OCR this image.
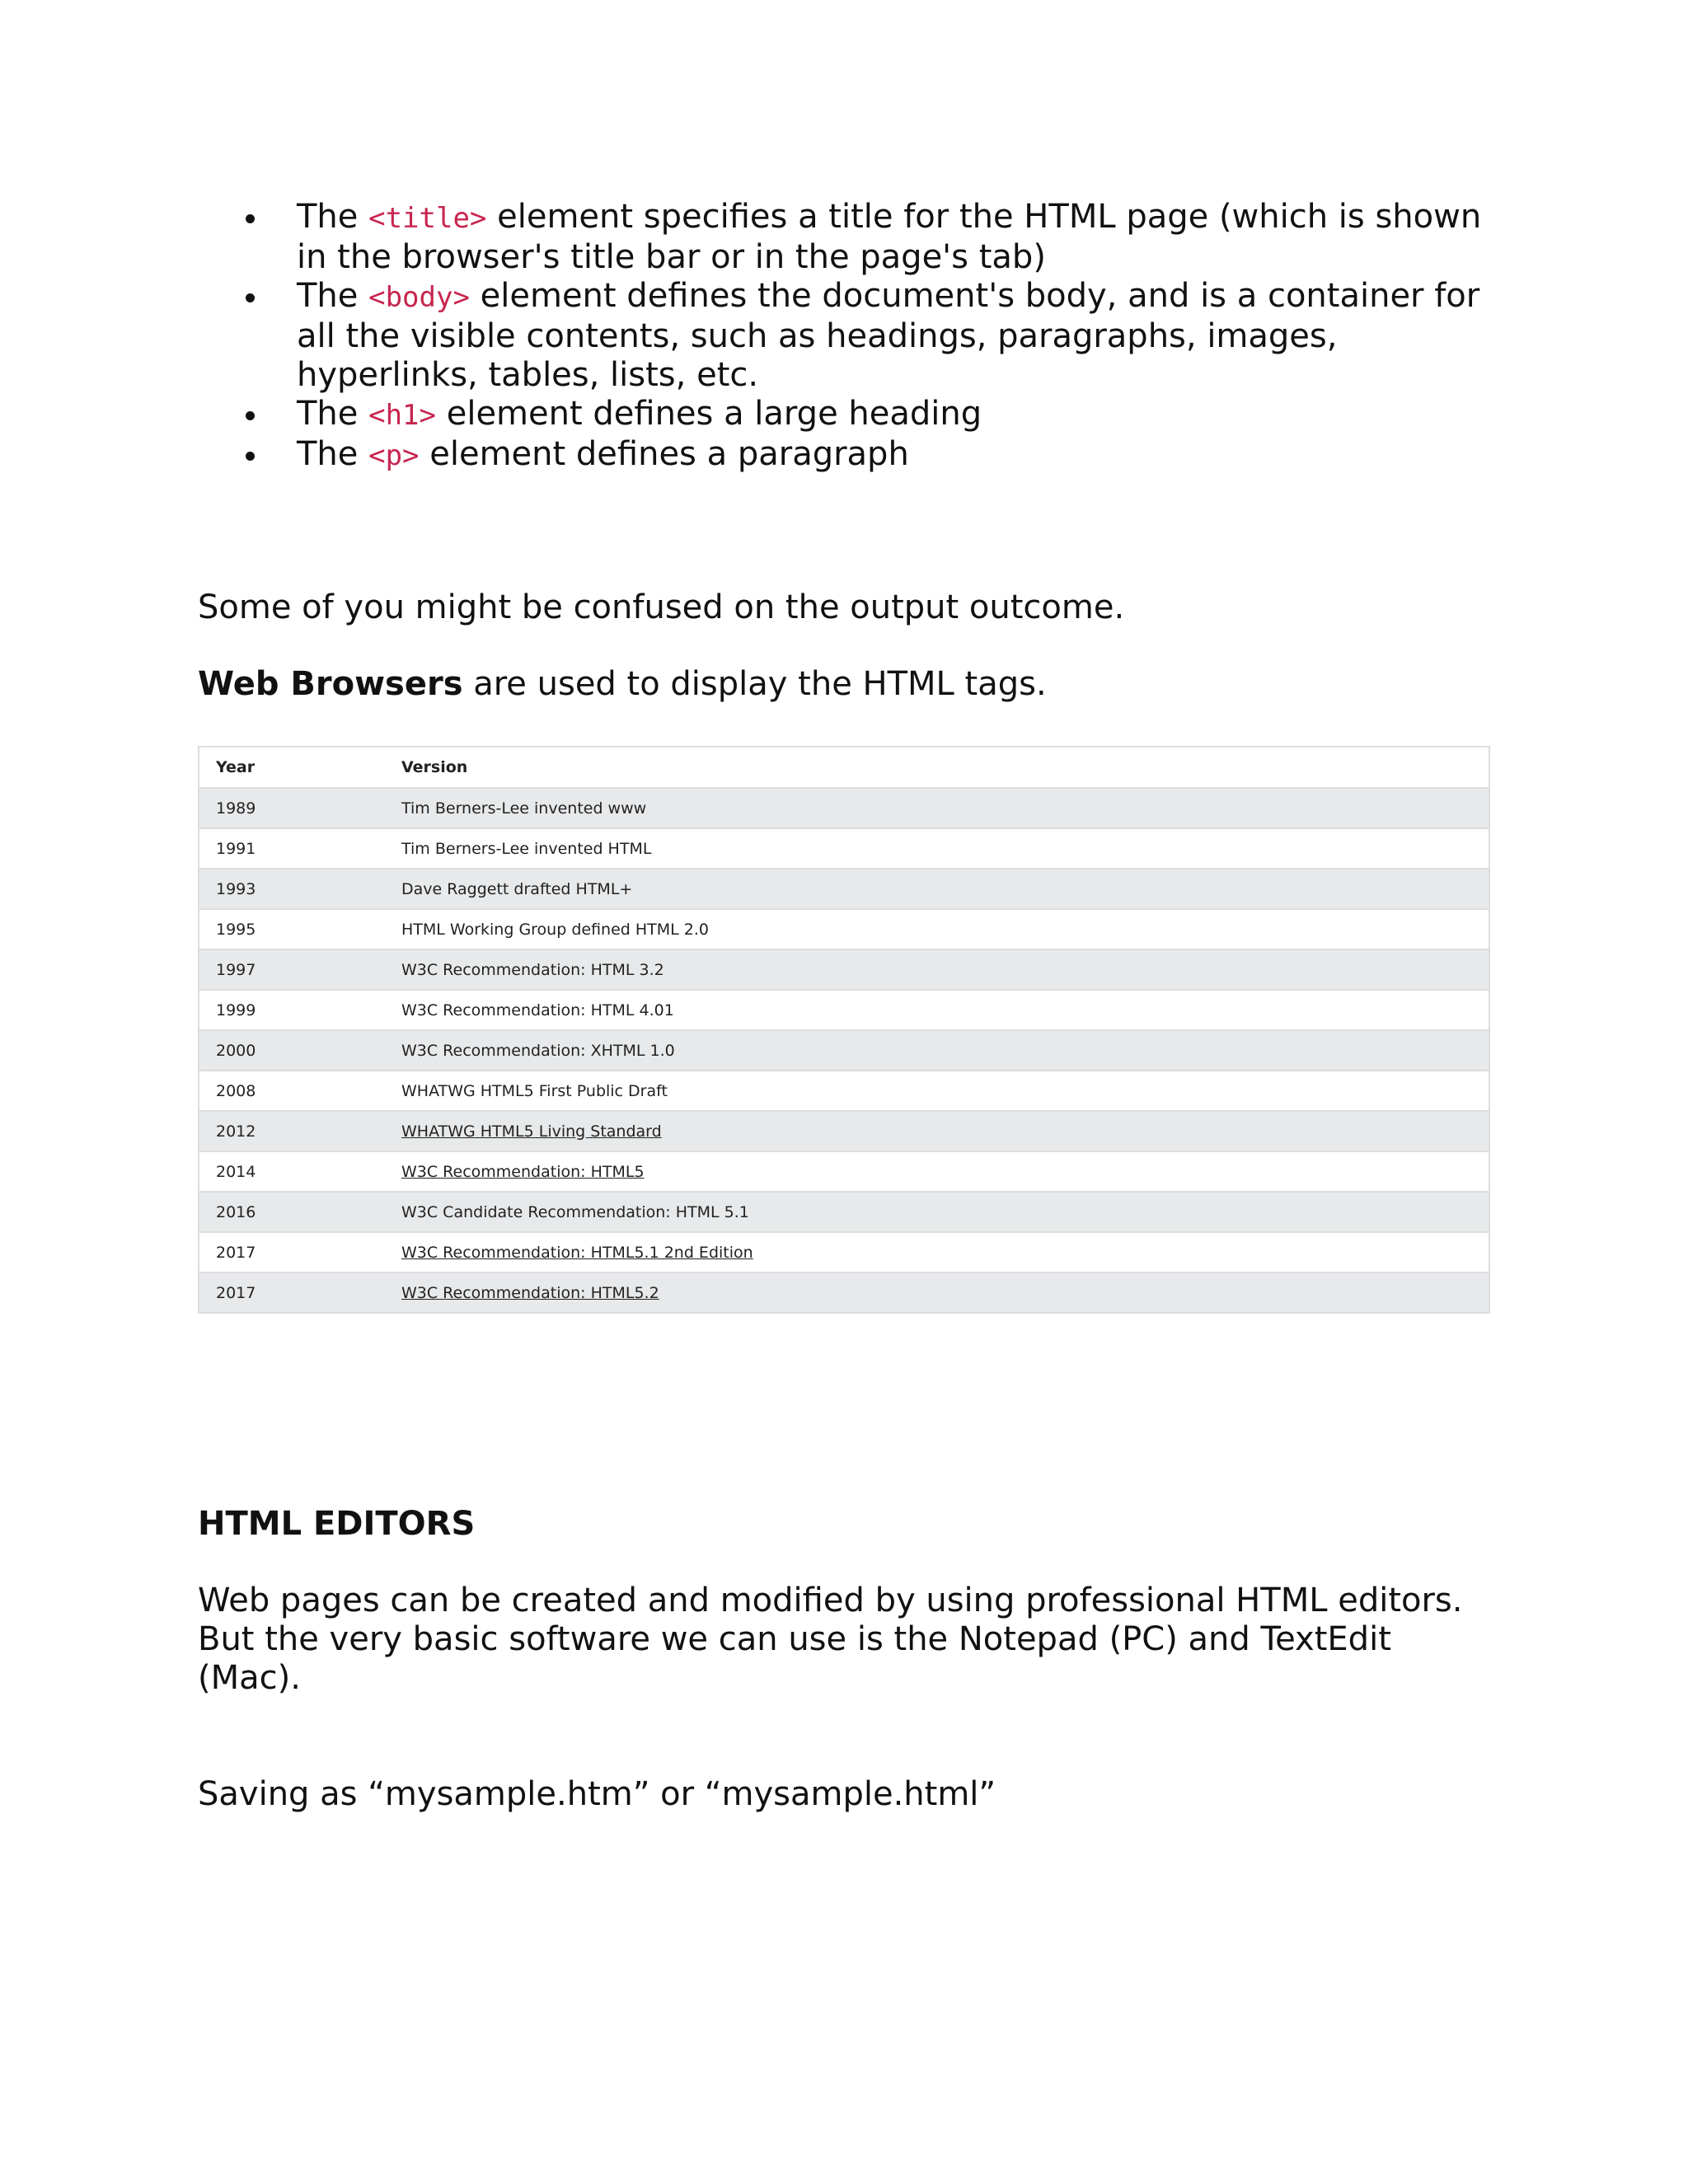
The <title> element specifies a title for the HTML page (which is shown in the browser's title bar or in the page's tab)
The <body> element defines the document's body, and is a container for all the visible contents, such as headings, paragraphs, images, hyperlinks, tables, lists, etc.
The <h1> element defines a large heading
The <p> element defines a paragraph

Some of you might be confused on the output outcome.

Web Browsers are used to display the HTML tags.

Year	Version
1989	Tim Berners-Lee invented www
1991	Tim Berners-Lee invented HTML
1993	Dave Raggett drafted HTML+
1995	HTML Working Group defined HTML 2.0
1997	W3C Recommendation: HTML 3.2
1999	W3C Recommendation: HTML 4.01
2000	W3C Recommendation: XHTML 1.0
2008	WHATWG HTML5 First Public Draft
2012	WHATWG HTML5 Living Standard
2014	W3C Recommendation: HTML5
2016	W3C Candidate Recommendation: HTML 5.1
2017	W3C Recommendation: HTML5.1 2nd Edition
2017	W3C Recommendation: HTML5.2

HTML EDITORS

Web pages can be created and modified by using professional HTML editors. But the very basic software we can use is the Notepad (PC) and TextEdit (Mac).

Saving as “mysample.htm” or “mysample.html”
